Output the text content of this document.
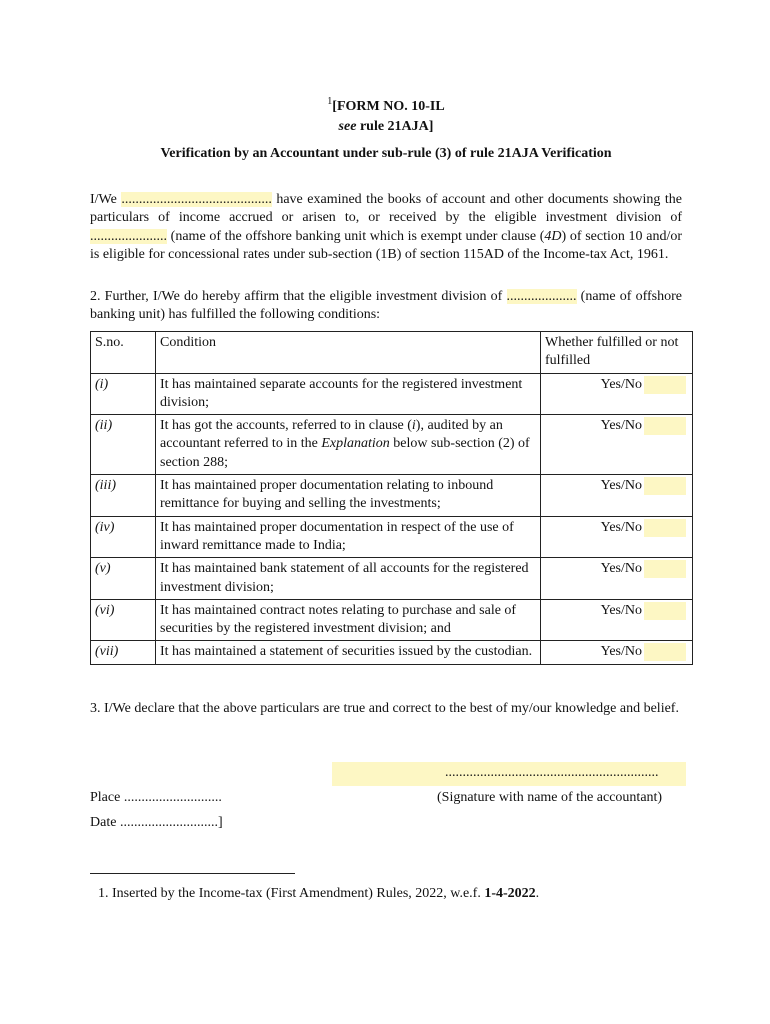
$^1$[FORM NO. 10-IL
see rule 21AJA]
Verification by an Accountant under sub-rule (3) of rule 21AJA Verification
I/We ........................................... have examined the books of account and other documents showing the particulars of income accrued or arisen to, or received by the eligible investment division of ...................... (name of the offshore banking unit which is exempt under clause (4D) of section 10 and/or is eligible for concessional rates under sub-section (1B) of section 115AD of the Income-tax Act, 1961.
2. Further, I/We do hereby affirm that the eligible investment division of .................... (name of offshore banking unit) has fulfilled the following conditions:
S.no.	Condition	Whether fulfilled or not fulfilled
(i)	It has maintained separate accounts for the registered investment division;	Yes/No
(ii)	It has got the accounts, referred to in clause (i), audited by an accountant referred to in the Explanation below sub-section (2) of section 288;	Yes/No
(iii)	It has maintained proper documentation relating to inbound remittance for buying and selling the investments;	Yes/No
(iv)	It has maintained proper documentation in respect of the use of inward remittance made to India;	Yes/No
(v)	It has maintained bank statement of all accounts for the registered investment division;	Yes/No
(vi)	It has maintained contract notes relating to purchase and sale of securities by the registered investment division; and	Yes/No
(vii)	It has maintained a statement of securities issued by the custodian.	Yes/No
3. I/We declare that the above particulars are true and correct to the best of my/our knowledge and belief.
.............................................................
(Signature with name of the accountant)
Place ............................
Date ............................]
1. Inserted by the Income-tax (First Amendment) Rules, 2022, w.e.f. 1-4-2022.
